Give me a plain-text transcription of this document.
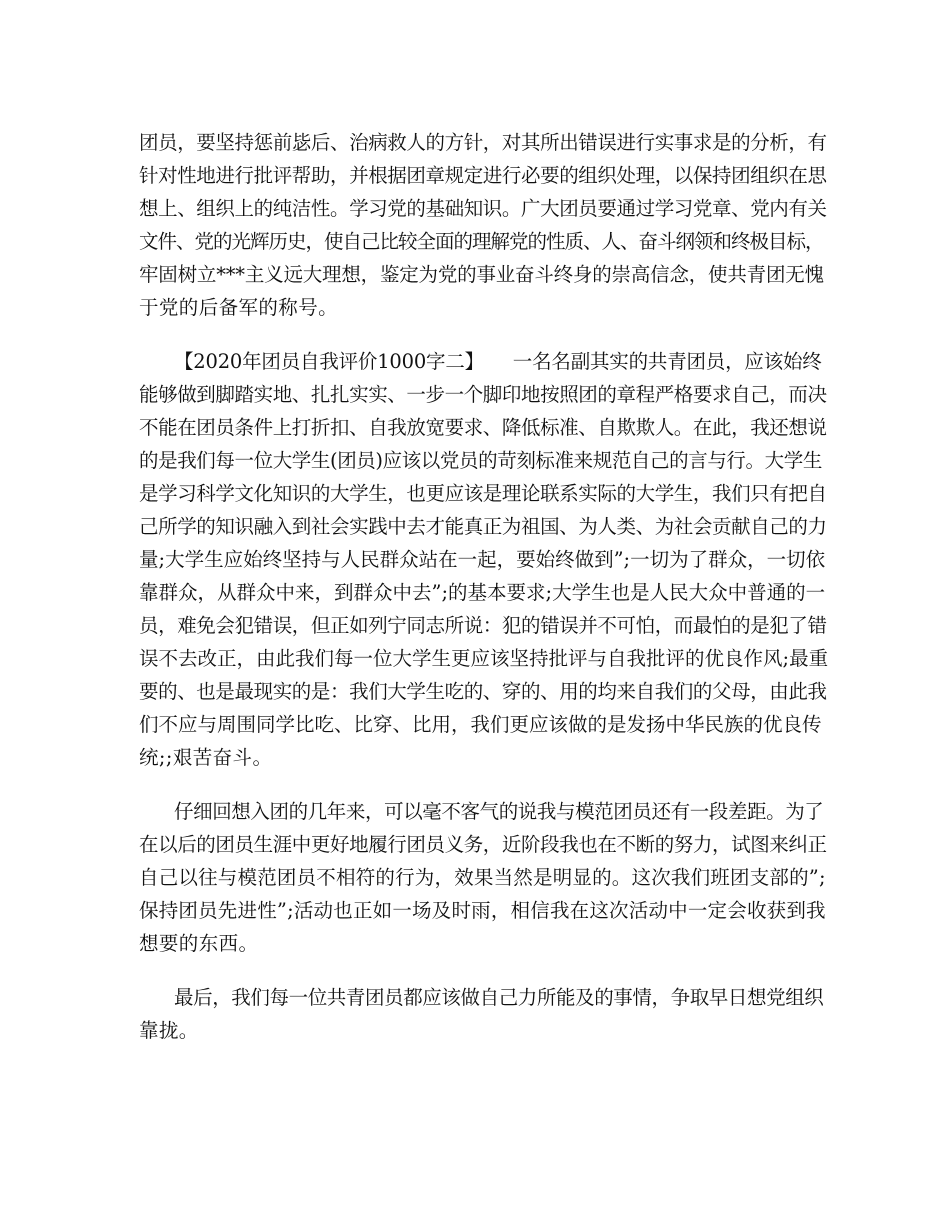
团员，要坚持惩前毖后、治病救人的方针，对其所出错误进行实事求是的分析，有
针对性地进行批评帮助，并根据团章规定进行必要的组织处理，以保持团组织在思
想上、组织上的纯洁性。学习党的基础知识。广大团员要通过学习党章、党内有关
文件、党的光辉历史，使自己比较全面的理解党的性质、人、奋斗纲领和终极目标，
牢固树立***主义远大理想，鉴定为党的事业奋斗终身的崇高信念，使共青团无愧
于党的后备军的称号。
【2020年团员自我评价1000字二】　　一名名副其实的共青团员，应该始终
能够做到脚踏实地、扎扎实实、一步一个脚印地按照团的章程严格要求自己，而决
不能在团员条件上打折扣、自我放宽要求、降低标准、自欺欺人。在此，我还想说
的是我们每一位大学生(团员)应该以党员的苛刻标准来规范自己的言与行。大学生
是学习科学文化知识的大学生，也更应该是理论联系实际的大学生，我们只有把自
己所学的知识融入到社会实践中去才能真正为祖国、为人类、为社会贡献自己的力
量;大学生应始终坚持与人民群众站在一起，要始终做到”;一切为了群众，一切依
靠群众，从群众中来，到群众中去”;的基本要求;大学生也是人民大众中普通的一
员，难免会犯错误，但正如列宁同志所说：犯的错误并不可怕，而最怕的是犯了错
误不去改正，由此我们每一位大学生更应该坚持批评与自我批评的优良作风;最重
要的、也是最现实的是：我们大学生吃的、穿的、用的均来自我们的父母，由此我
们不应与周围同学比吃、比穿、比用，我们更应该做的是发扬中华民族的优良传
统;;艰苦奋斗。
仔细回想入团的几年来，可以毫不客气的说我与模范团员还有一段差距。为了
在以后的团员生涯中更好地履行团员义务，近阶段我也在不断的努力，试图来纠正
自己以往与模范团员不相符的行为，效果当然是明显的。这次我们班团支部的”;
保持团员先进性”;活动也正如一场及时雨，相信我在这次活动中一定会收获到我
想要的东西。
最后，我们每一位共青团员都应该做自己力所能及的事情，争取早日想党组织
靠拢。
